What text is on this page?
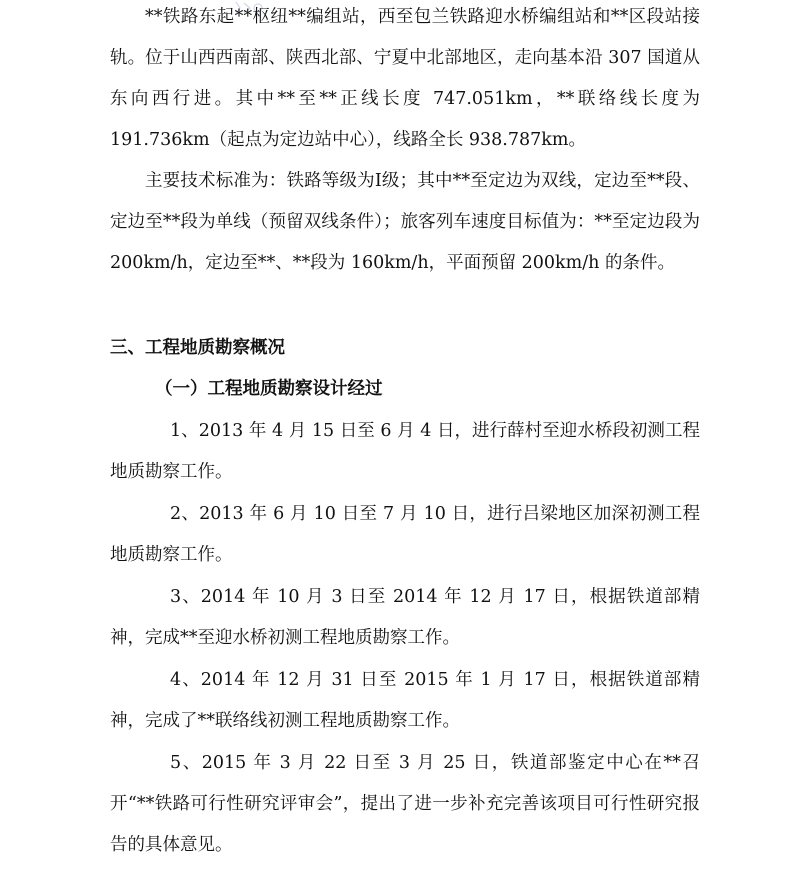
**铁路东起**枢纽**编组站，西至包兰铁路迎水桥编组站和**区段站接轨。位于山西西南部、陕西北部、宁夏中北部地区，走向基本沿 307 国道从东向西行进。其中**至**正线长度 747.051km，**联络线长度为 191.736km（起点为定边站中心），线路全长 938.787km。

主要技术标准为：铁路等级为Ⅰ级；其中**至定边为双线，定边至**段、定边至**段为单线（预留双线条件）；旅客列车速度目标值为：**至定边段为 200km/h，定边至**、**段为 160km/h，平面预留 200km/h 的条件。

三、工程地质勘察概况

（一）工程地质勘察设计经过

1、2013 年 4 月 15 日至 6 月 4 日，进行薛村至迎水桥段初测工程地质勘察工作。

2、2013 年 6 月 10 日至 7 月 10 日，进行吕梁地区加深初测工程地质勘察工作。

3、2014 年 10 月 3 日至 2014 年 12 月 17 日，根据铁道部精神，完成**至迎水桥初测工程地质勘察工作。

4、2014 年 12 月 31 日至 2015 年 1 月 17 日，根据铁道部精神，完成了**联络线初测工程地质勘察工作。

5、2015 年 3 月 22 日至 3 月 25 日，铁道部鉴定中心在**召开“**铁路可行性研究评审会”，提出了进一步补充完善该项目可行性研究报告的具体意见。
